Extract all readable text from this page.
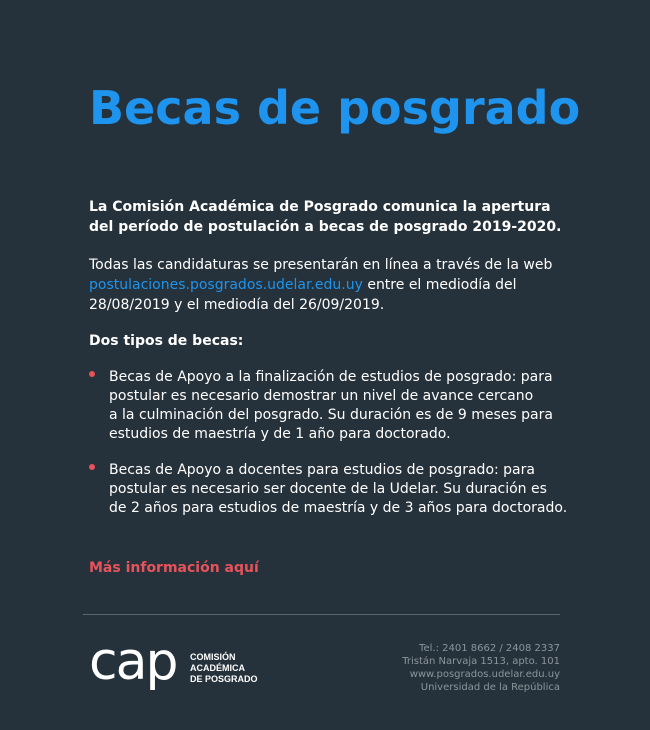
Becas de posgrado

La Comisión Académica de Posgrado comunica la apertura
del período de postulación a becas de posgrado 2019-2020.

Todas las candidaturas se presentarán en línea a través de la web
postulaciones.posgrados.udelar.edu.uy entre el mediodía del
28/08/2019 y el mediodía del 26/09/2019.

Dos tipos de becas:

Becas de Apoyo a la finalización de estudios de posgrado: para
postular es necesario demostrar un nivel de avance cercano
a la culminación del posgrado. Su duración es de 9 meses para
estudios de maestría y de 1 año para doctorado.
Becas de Apoyo a docentes para estudios de posgrado: para
postular es necesario ser docente de la Udelar. Su duración es
de 2 años para estudios de maestría y de 3 años para doctorado.
Más información aquí
cap COMISIÓN
ACADÉMICA
DE POSGRADO
Tel.: 2401 8662 / 2408 2337
Tristán Narvaja 1513, apto. 101
www.posgrados.udelar.edu.uy
Universidad de la República
